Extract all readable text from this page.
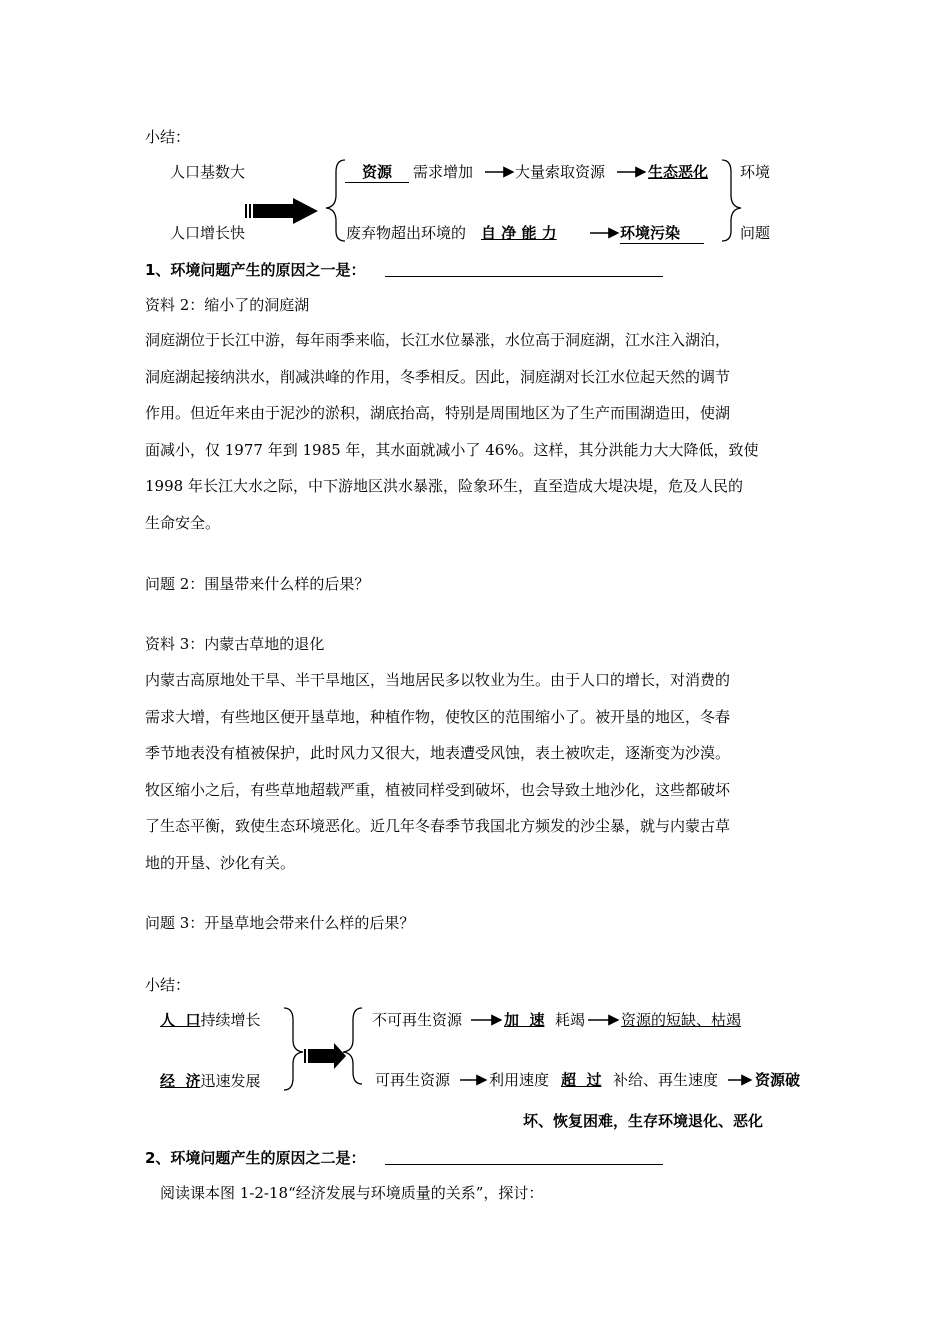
小结：
人口基数大
人口增长快
资源	需求增加	大量索取资源	生态恶化 环境
废弃物超出环境的 自 净 能 力	环境污染	问题
1、环境问题产生的原因之一是：
资料 2：缩小了的洞庭湖
洞庭湖位于长江中游，每年雨季来临，长江水位暴涨，水位高于洞庭湖，江水注入湖泊，
洞庭湖起接纳洪水，削减洪峰的作用，冬季相反。因此，洞庭湖对长江水位起天然的调节
作用。但近年来由于泥沙的淤积，湖底抬高，特别是周围地区为了生产而围湖造田，使湖
面减小，仅 1977 年到 1985 年，其水面就减小了 46%。这样，其分洪能力大大降低，致使
1998 年长江大水之际，中下游地区洪水暴涨，险象环生，直至造成大堤决堤，危及人民的
生命安全。
问题 2：围垦带来什么样的后果？
资料 3：内蒙古草地的退化
内蒙古高原地处干旱、半干旱地区，当地居民多以牧业为生。由于人口的增长，对消费的
需求大增，有些地区便开垦草地，种植作物，使牧区的范围缩小了。被开垦的地区，冬春
季节地表没有植被保护，此时风力又很大，地表遭受风蚀，表土被吹走，逐渐变为沙漠。
牧区缩小之后，有些草地超载严重，植被同样受到破坏，也会导致土地沙化，这些都破坏
了生态平衡，致使生态环境恶化。近几年冬春季节我国北方频发的沙尘暴，就与内蒙古草
地的开垦、沙化有关。
问题 3：开垦草地会带来什么样的后果？
小结：
人  口持续增长
经  济迅速发展
不可再生资源	加  速 耗竭 资源的短缺、枯竭
可再生资源	利用速度 超  过 补给、再生速度 资源破
坏、恢复困难，生存环境退化、恶化
2、环境问题产生的原因之二是：
阅读课本图 1-2-18“经济发展与环境质量的关系”，探讨：
